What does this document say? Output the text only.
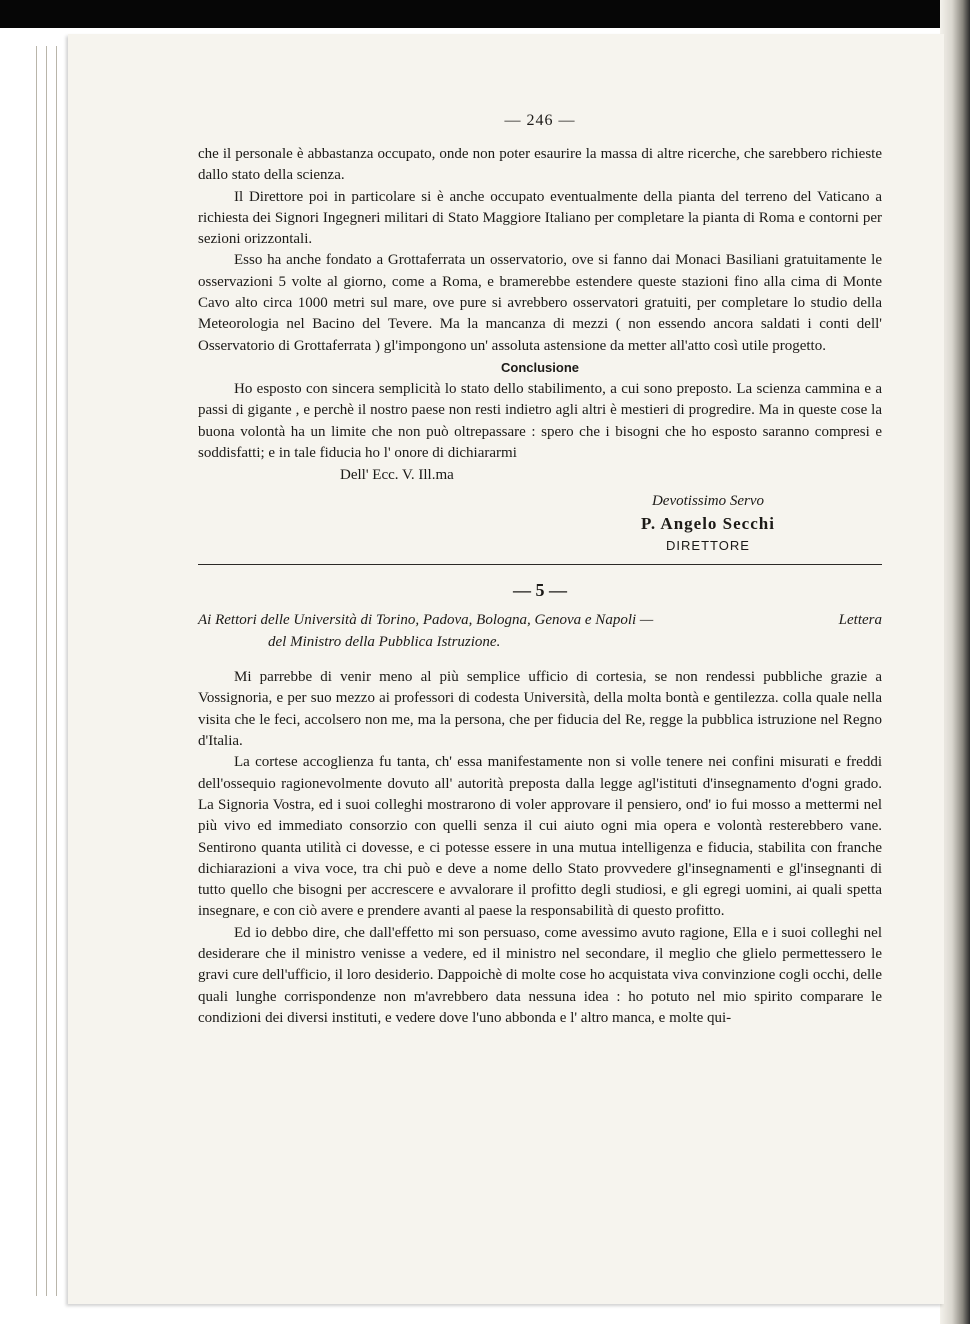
— 246 —

che il personale è abbastanza occupato, onde non poter esaurire la massa di altre ricerche, che sarebbero richieste dallo stato della scienza.

Il Direttore poi in particolare si è anche occupato eventualmente della pianta del terreno del Vaticano a richiesta dei Signori Ingegneri militari di Stato Maggiore Italiano per completare la pianta di Roma e contorni per sezioni orizzontali.

Esso ha anche fondato a Grottaferrata un osservatorio, ove si fanno dai Monaci Basiliani gratuitamente le osservazioni 5 volte al giorno, come a Roma, e bramerebbe estendere queste stazioni fino alla cima di Monte Cavo alto circa 1000 metri sul mare, ove pure si avrebbero osservatori gratuiti, per completare lo studio della Meteorologia nel Bacino del Tevere. Ma la mancanza di mezzi ( non essendo ancora saldati i conti dell' Osservatorio di Grottaferrata ) gl'impongono un' assoluta astensione da metter all'atto così utile progetto.

Conclusione

Ho esposto con sincera semplicità lo stato dello stabilimento, a cui sono preposto. La scienza cammina e a passi di gigante , e perchè il nostro paese non resti indietro agli altri è mestieri di progredire. Ma in queste cose la buona volontà ha un limite che non può oltrepassare : spero che i bisogni che ho esposto saranno compresi e soddisfatti; e in tale fiducia ho l' onore di dichiararmi

Dell' Ecc. V. Ill.ma
Devotissimo Servo
P. Angelo Secchi
DIRETTORE
— 5 —
Ai Rettori delle Università di Torino, Padova, Bologna, Genova e Napoli —	Lettera
del Ministro della Pubblica Istruzione.

Mi parrebbe di venir meno al più semplice ufficio di cortesia, se non rendessi pubbliche grazie a Vossignoria, e per suo mezzo ai professori di codesta Università, della molta bontà e gentilezza. colla quale nella visita che le feci, accolsero non me, ma la persona, che per fiducia del Re, regge la pubblica istruzione nel Regno d'Italia.

La cortese accoglienza fu tanta, ch' essa manifestamente non si volle tenere nei confini misurati e freddi dell'ossequio ragionevolmente dovuto all' autorità preposta dalla legge agl'istituti d'insegnamento d'ogni grado. La Signoria Vostra, ed i suoi colleghi mostrarono di voler approvare il pensiero, ond' io fui mosso a mettermi nel più vivo ed immediato consorzio con quelli senza il cui aiuto ogni mia opera e volontà resterebbero vane. Sentirono quanta utilità ci dovesse, e ci potesse essere in una mutua intelligenza e fiducia, stabilita con franche dichiarazioni a viva voce, tra chi può e deve a nome dello Stato provvedere gl'insegnamenti e gl'insegnanti di tutto quello che bisogni per accrescere e avvalorare il profitto degli studiosi, e gli egregi uomini, ai quali spetta insegnare, e con ciò avere e prendere avanti al paese la responsabilità di questo profitto.

Ed io debbo dire, che dall'effetto mi son persuaso, come avessimo avuto ragione, Ella e i suoi colleghi nel desiderare che il ministro venisse a vedere, ed il ministro nel secondare, il meglio che glielo permettessero le gravi cure dell'ufficio, il loro desiderio. Dappoichè di molte cose ho acquistata viva convinzione cogli occhi, delle quali lunghe corrispondenze non m'avrebbero data nessuna idea : ho potuto nel mio spirito comparare le condizioni dei diversi instituti, e vedere dove l'uno abbonda e l' altro manca, e molte qui-
